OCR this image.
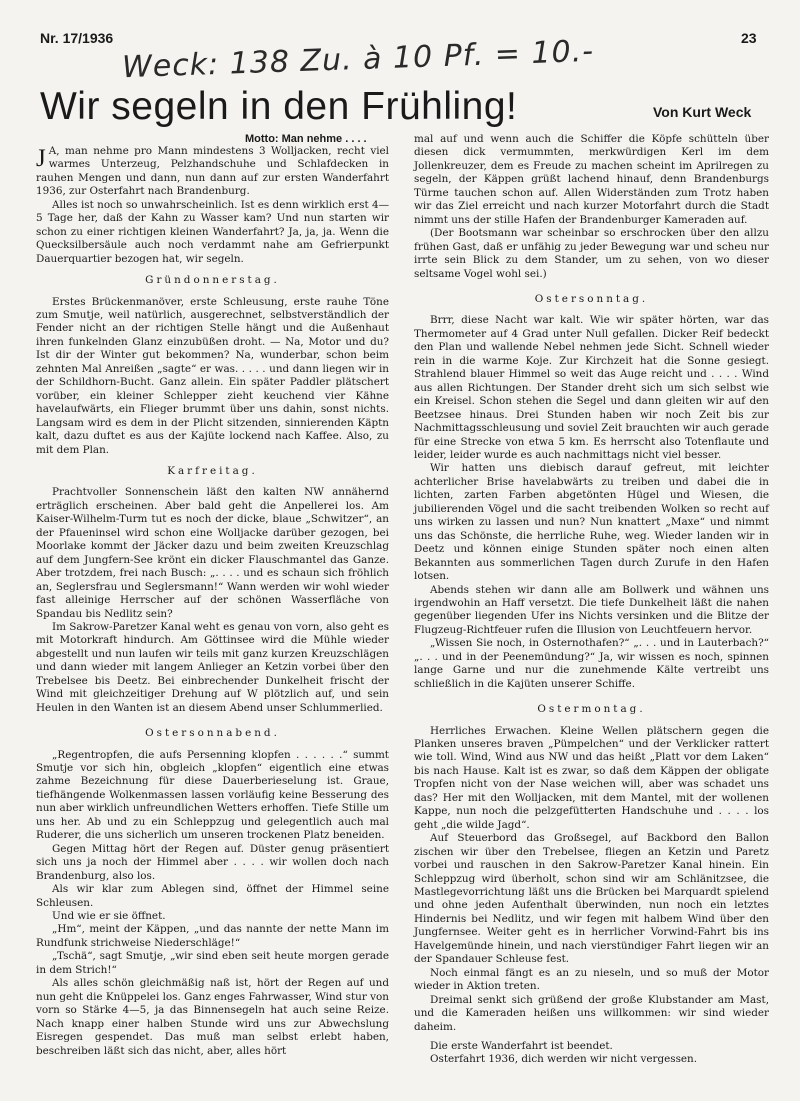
Nr. 17/1936	23
Weck: 138 Zu. à 10 Pf. = 10.-
Wir segeln in den Frühling!	Von Kurt Weck
Motto: Man nehme . . . .

J A, man nehme pro Mann mindestens 3 Wolljacken, recht viel warmes Unterzeug, Pelzhandschuhe und Schlafdecken in rauhen Mengen und dann, nun dann auf zur ersten Wanderfahrt 1936, zur Osterfahrt nach Brandenburg.

Alles ist noch so unwahrscheinlich. Ist es denn wirklich erst 4—5 Tage her, daß der Kahn zu Wasser kam? Und nun starten wir schon zu einer richtigen kleinen Wanderfahrt? Ja, ja, ja. Wenn die Quecksilbersäule auch noch verdammt nahe am Gefrierpunkt Dauerquartier bezogen hat, wir segeln.

Gründonnerstag.

Erstes Brückenmanöver, erste Schleusung, erste rauhe Töne zum Smutje, weil natürlich, ausgerechnet, selbstverständlich der Fender nicht an der richtigen Stelle hängt und die Außenhaut ihren funkelnden Glanz einzubüßen droht. — Na, Motor und du? Ist dir der Winter gut bekommen? Na, wunderbar, schon beim zehnten Mal Anreißen „sagte“ er was. . . . . und dann liegen wir in der Schildhorn-Bucht. Ganz allein. Ein später Paddler plätschert vorüber, ein kleiner Schlepper zieht keuchend vier Kähne havelaufwärts, ein Flieger brummt über uns dahin, sonst nichts. Langsam wird es dem in der Plicht sitzenden, sinnierenden Käptn kalt, dazu duftet es aus der Kajüte lockend nach Kaffee. Also, zu mit dem Plan.

Karfreitag.

Prachtvoller Sonnenschein läßt den kalten NW annähernd erträglich erscheinen. Aber bald geht die Anpellerei los. Am Kaiser-Wilhelm-Turm tut es noch der dicke, blaue „Schwitzer“, an der Pfaueninsel wird schon eine Wolljacke darüber gezogen, bei Moorlake kommt der Jäcker dazu und beim zweiten Kreuzschlag auf dem Jungfern-See krönt ein dicker Flauschmantel das Ganze. Aber trotzdem, frei nach Busch: „. . . . und es schaun sich fröhlich an, Seglersfrau und Seglersmann!“ Wann werden wir wohl wieder fast alleinige Herrscher auf der schönen Wasserfläche von Spandau bis Nedlitz sein?

Im Sakrow-Paretzer Kanal weht es genau von vorn, also geht es mit Motorkraft hindurch. Am Göttinsee wird die Mühle wieder abgestellt und nun laufen wir teils mit ganz kurzen Kreuzschlägen und dann wieder mit langem Anlieger an Ketzin vorbei über den Trebelsee bis Deetz. Bei einbrechender Dunkelheit frischt der Wind mit gleichzeitiger Drehung auf W plötzlich auf, und sein Heulen in den Wanten ist an diesem Abend unser Schlummerlied.

Ostersonnabend.

„Regentropfen, die aufs Persenning klopfen . . . . . .“ summt Smutje vor sich hin, obgleich „klopfen“ eigentlich eine etwas zahme Bezeichnung für diese Dauerberieselung ist. Graue, tiefhängende Wolkenmassen lassen vorläufig keine Besserung des nun aber wirklich unfreundlichen Wetters erhoffen. Tiefe Stille um uns her. Ab und zu ein Schleppzug und gelegentlich auch mal Ruderer, die uns sicherlich um unseren trockenen Platz beneiden.

Gegen Mittag hört der Regen auf. Düster genug präsentiert sich uns ja noch der Himmel aber . . . . wir wollen doch nach Brandenburg, also los.

Als wir klar zum Ablegen sind, öffnet der Himmel seine Schleusen.

Und wie er sie öffnet.

„Hm“, meint der Käppen, „und das nannte der nette Mann im Rundfunk strichweise Niederschläge!“

„Tschä“, sagt Smutje, „wir sind eben seit heute morgen gerade in dem Strich!“

Als alles schön gleichmäßig naß ist, hört der Regen auf und nun geht die Knüppelei los. Ganz enges Fahrwasser, Wind stur von vorn so Stärke 4—5, ja das Binnensegeln hat auch seine Reize. Nach knapp einer halben Stunde wird uns zur Abwechslung Eisregen gespendet. Das muß man selbst erlebt haben, beschreiben läßt sich das nicht, aber, alles hört

mal auf und wenn auch die Schiffer die Köpfe schütteln über diesen dick vermummten, merkwürdigen Kerl im dem Jollenkreuzer, dem es Freude zu machen scheint im Aprilregen zu segeln, der Käppen grüßt lachend hinauf, denn Brandenburgs Türme tauchen schon auf. Allen Widerständen zum Trotz haben wir das Ziel erreicht und nach kurzer Motorfahrt durch die Stadt nimmt uns der stille Hafen der Brandenburger Kameraden auf.

(Der Bootsmann war scheinbar so erschrocken über den allzu frühen Gast, daß er unfähig zu jeder Bewegung war und scheu nur irrte sein Blick zu dem Stander, um zu sehen, von wo dieser seltsame Vogel wohl sei.)

Ostersonntag.

Brrr, diese Nacht war kalt. Wie wir später hörten, war das Thermometer auf 4 Grad unter Null gefallen. Dicker Reif bedeckt den Plan und wallende Nebel nehmen jede Sicht. Schnell wieder rein in die warme Koje. Zur Kirchzeit hat die Sonne gesiegt. Strahlend blauer Himmel so weit das Auge reicht und . . . . Wind aus allen Richtungen. Der Stander dreht sich um sich selbst wie ein Kreisel. Schon stehen die Segel und dann gleiten wir auf den Beetzsee hinaus. Drei Stunden haben wir noch Zeit bis zur Nachmittagsschleusung und soviel Zeit brauchten wir auch gerade für eine Strecke von etwa 5 km. Es herrscht also Totenflaute und leider, leider wurde es auch nachmittags nicht viel besser.

Wir hatten uns diebisch darauf gefreut, mit leichter achterlicher Brise havelabwärts zu treiben und dabei die in lichten, zarten Farben abgetönten Hügel und Wiesen, die jubilierenden Vögel und die sacht treibenden Wolken so recht auf uns wirken zu lassen und nun? Nun knattert „Maxe“ und nimmt uns das Schönste, die herrliche Ruhe, weg. Wieder landen wir in Deetz und können einige Stunden später noch einen alten Bekannten aus sommerlichen Tagen durch Zurufe in den Hafen lotsen.

Abends stehen wir dann alle am Bollwerk und wähnen uns irgendwohin an Haff versetzt. Die tiefe Dunkelheit läßt die nahen gegenüber liegenden Ufer ins Nichts versinken und die Blitze der Flugzeug-Richtfeuer rufen die Illusion von Leuchtfeuern hervor.

„Wissen Sie noch, in Osternothafen?“ „. . . und in Lauterbach?“ „. . . und in der Peenemündung?“ Ja, wir wissen es noch, spinnen lange Garne und nur die zunehmende Kälte vertreibt uns schließlich in die Kajüten unserer Schiffe.

Ostermontag.

Herrliches Erwachen. Kleine Wellen plätschern gegen die Planken unseres braven „Pümpelchen“ und der Verklicker rattert wie toll. Wind, Wind aus NW und das heißt „Platt vor dem Laken“ bis nach Hause. Kalt ist es zwar, so daß dem Käppen der obligate Tropfen nicht von der Nase weichen will, aber was schadet uns das? Her mit den Wolljacken, mit dem Mantel, mit der wollenen Kappe, nun noch die pelzgefütterten Handschuhe und . . . . los geht „die wilde Jagd“.

Auf Steuerbord das Großsegel, auf Backbord den Ballon zischen wir über den Trebelsee, fliegen an Ketzin und Paretz vorbei und rauschen in den Sakrow-Paretzer Kanal hinein. Ein Schleppzug wird überholt, schon sind wir am Schlänitzsee, die Mastlegevorrichtung läßt uns die Brücken bei Marquardt spielend und ohne jeden Aufenthalt überwinden, nun noch ein letztes Hindernis bei Nedlitz, und wir fegen mit halbem Wind über den Jungfernsee. Weiter geht es in herrlicher Vorwind-Fahrt bis ins Havelgemünde hinein, und nach vierstündiger Fahrt liegen wir an der Spandauer Schleuse fest.

Noch einmal fängt es an zu nieseln, und so muß der Motor wieder in Aktion treten.

Dreimal senkt sich grüßend der große Klubstander am Mast, und die Kameraden heißen uns willkommen: wir sind wieder daheim.

Die erste Wanderfahrt ist beendet.

Osterfahrt 1936, dich werden wir nicht vergessen.
